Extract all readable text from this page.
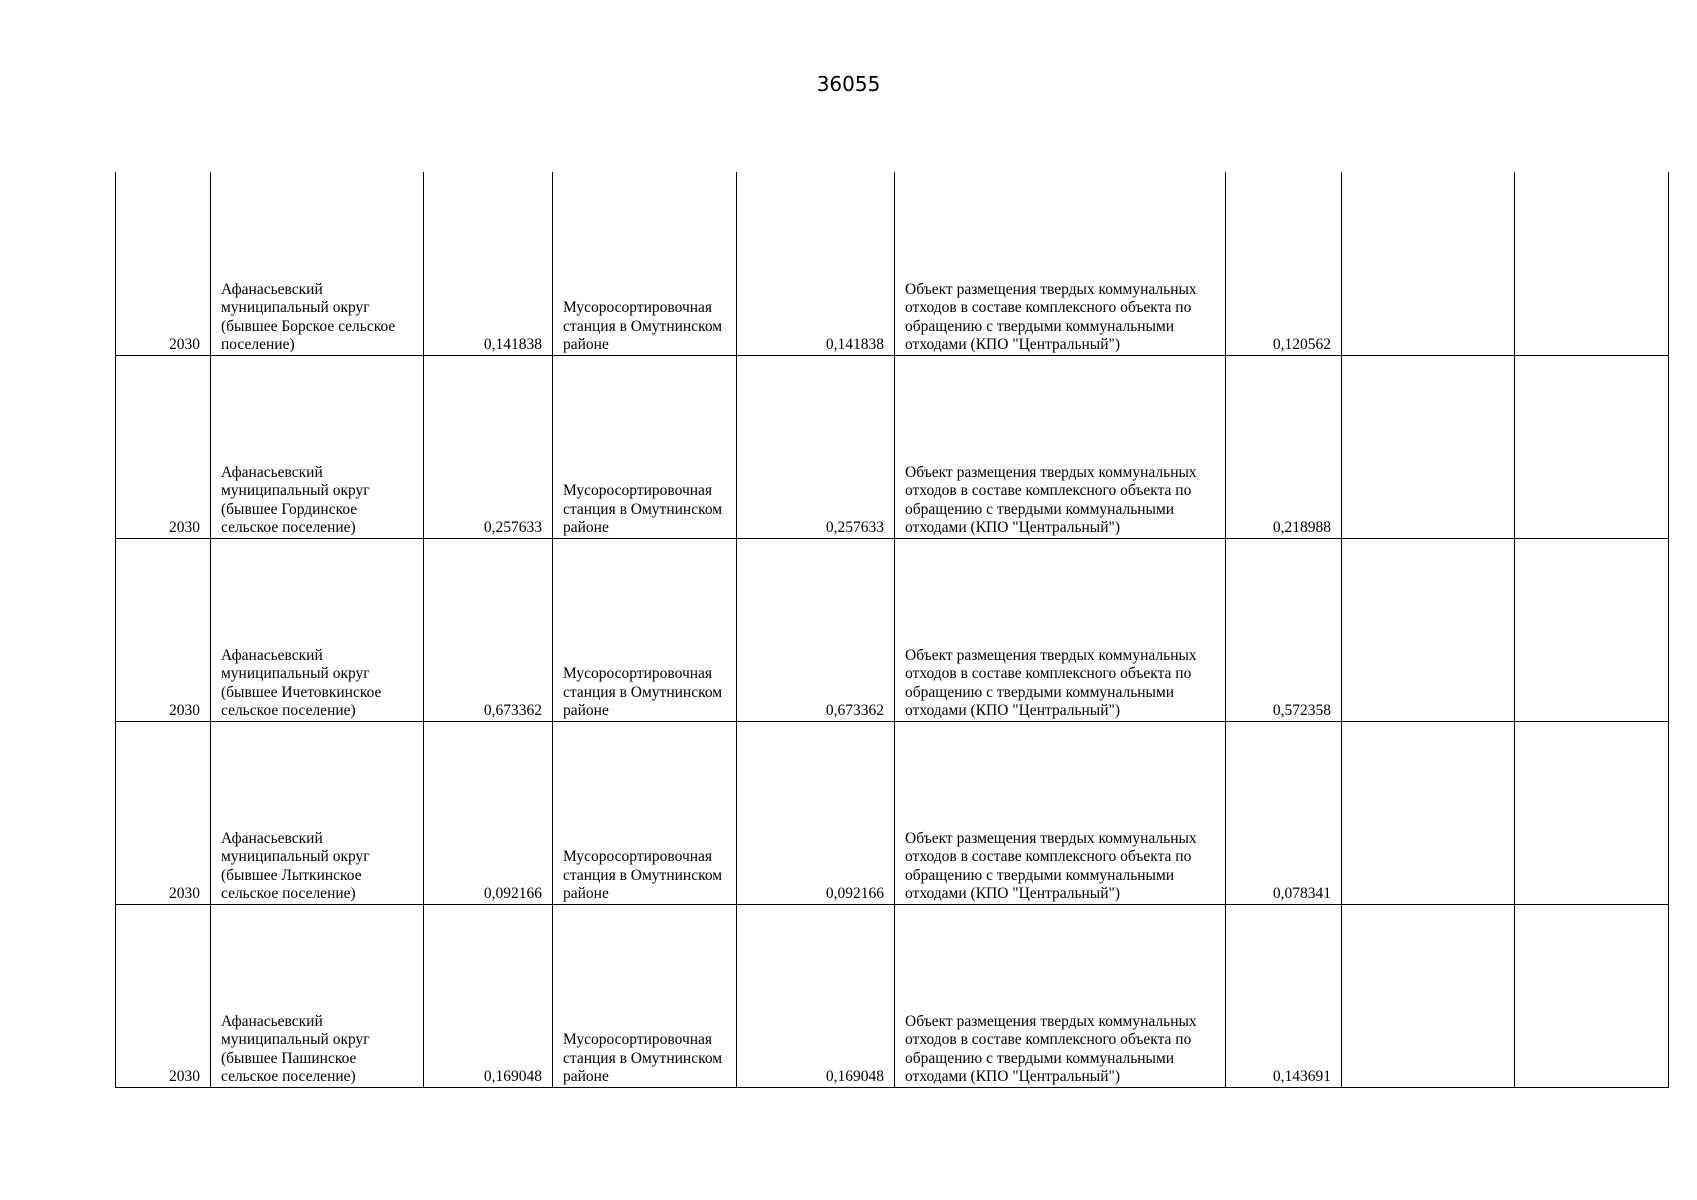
36055
2030	Афанасьевский муниципальный округ (бывшее Борское сельское поселение)	0,141838	Мусоросортировочная станция в Омутнинском районе	0,141838	Объект размещения твердых коммунальных отходов в составе комплексного объекта по обращению с твердыми коммунальными отходами (КПО "Центральный")	0,120562		
2030	Афанасьевский муниципальный округ (бывшее Гординское сельское поселение)	0,257633	Мусоросортировочная станция в Омутнинском районе	0,257633	Объект размещения твердых коммунальных отходов в составе комплексного объекта по обращению с твердыми коммунальными отходами (КПО "Центральный")	0,218988		
2030	Афанасьевский муниципальный округ (бывшее Ичетовкинское сельское поселение)	0,673362	Мусоросортировочная станция в Омутнинском районе	0,673362	Объект размещения твердых коммунальных отходов в составе комплексного объекта по обращению с твердыми коммунальными отходами (КПО "Центральный")	0,572358		
2030	Афанасьевский муниципальный округ (бывшее Лыткинское сельское поселение)	0,092166	Мусоросортировочная станция в Омутнинском районе	0,092166	Объект размещения твердых коммунальных отходов в составе комплексного объекта по обращению с твердыми коммунальными отходами (КПО "Центральный")	0,078341		
2030	Афанасьевский муниципальный округ (бывшее Пашинское сельское поселение)	0,169048	Мусоросортировочная станция в Омутнинском районе	0,169048	Объект размещения твердых коммунальных отходов в составе комплексного объекта по обращению с твердыми коммунальными отходами (КПО "Центральный")	0,143691		
